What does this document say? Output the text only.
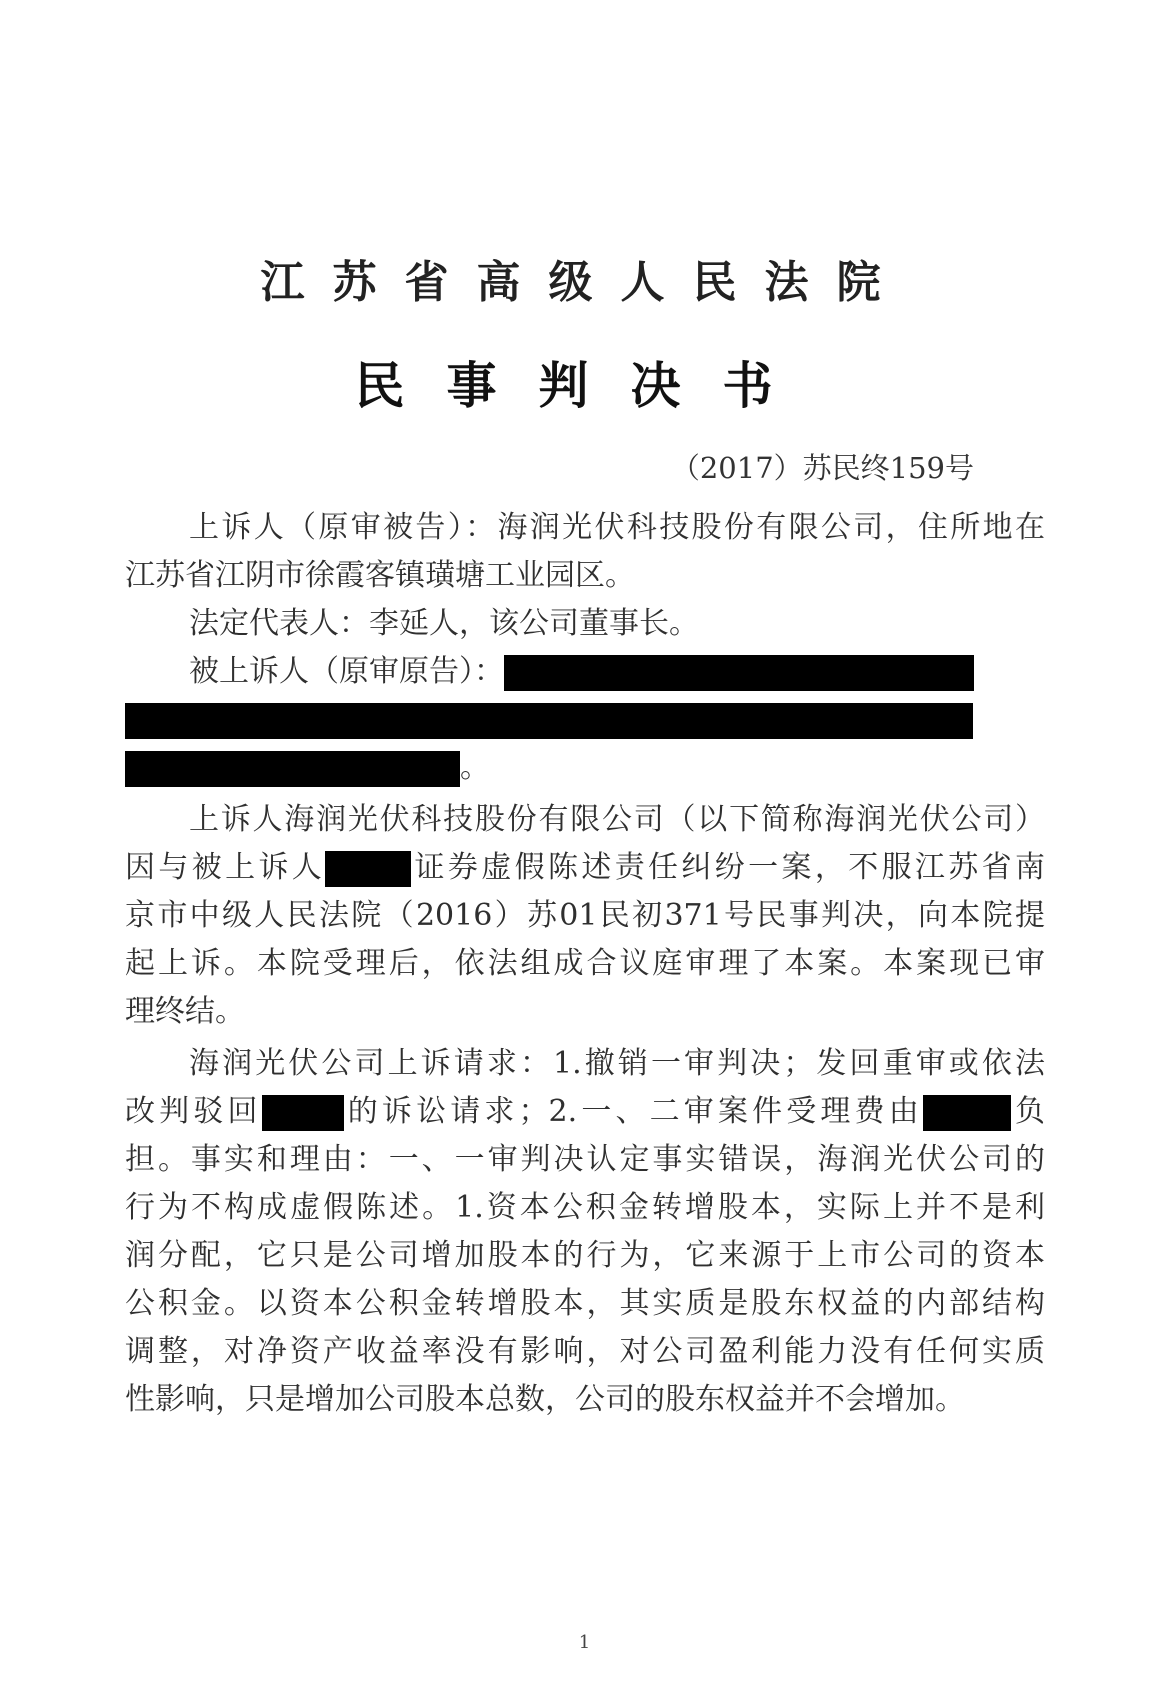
江苏省高级人民法院
民事判决书
（2017）苏民终159号
上诉人（原审被告）：海润光伏科技股份有限公司，住所地在
江苏省江阴市徐霞客镇璜塘工业园区。
法定代表人：李延人，该公司董事长。
被上诉人（原审原告）：
。
上诉人海润光伏科技股份有限公司（以下简称海润光伏公司）
因与被上诉人	证券虚假陈述责任纠纷一案，不服江苏省南
京市中级人民法院（2016）苏01民初371号民事判决，向本院提
起上诉。本院受理后，依法组成合议庭审理了本案。本案现已审
理终结。
海润光伏公司上诉请求：1.撤销一审判决；发回重审或依法
改判驳回	的诉讼请求；2.一、二审案件受理费由	负
担。事实和理由：一、一审判决认定事实错误，海润光伏公司的
行为不构成虚假陈述。1.资本公积金转增股本，实际上并不是利
润分配，它只是公司增加股本的行为，它来源于上市公司的资本
公积金。以资本公积金转增股本，其实质是股东权益的内部结构
调整，对净资产收益率没有影响，对公司盈利能力没有任何实质
性影响，只是增加公司股本总数，公司的股东权益并不会增加。
1
